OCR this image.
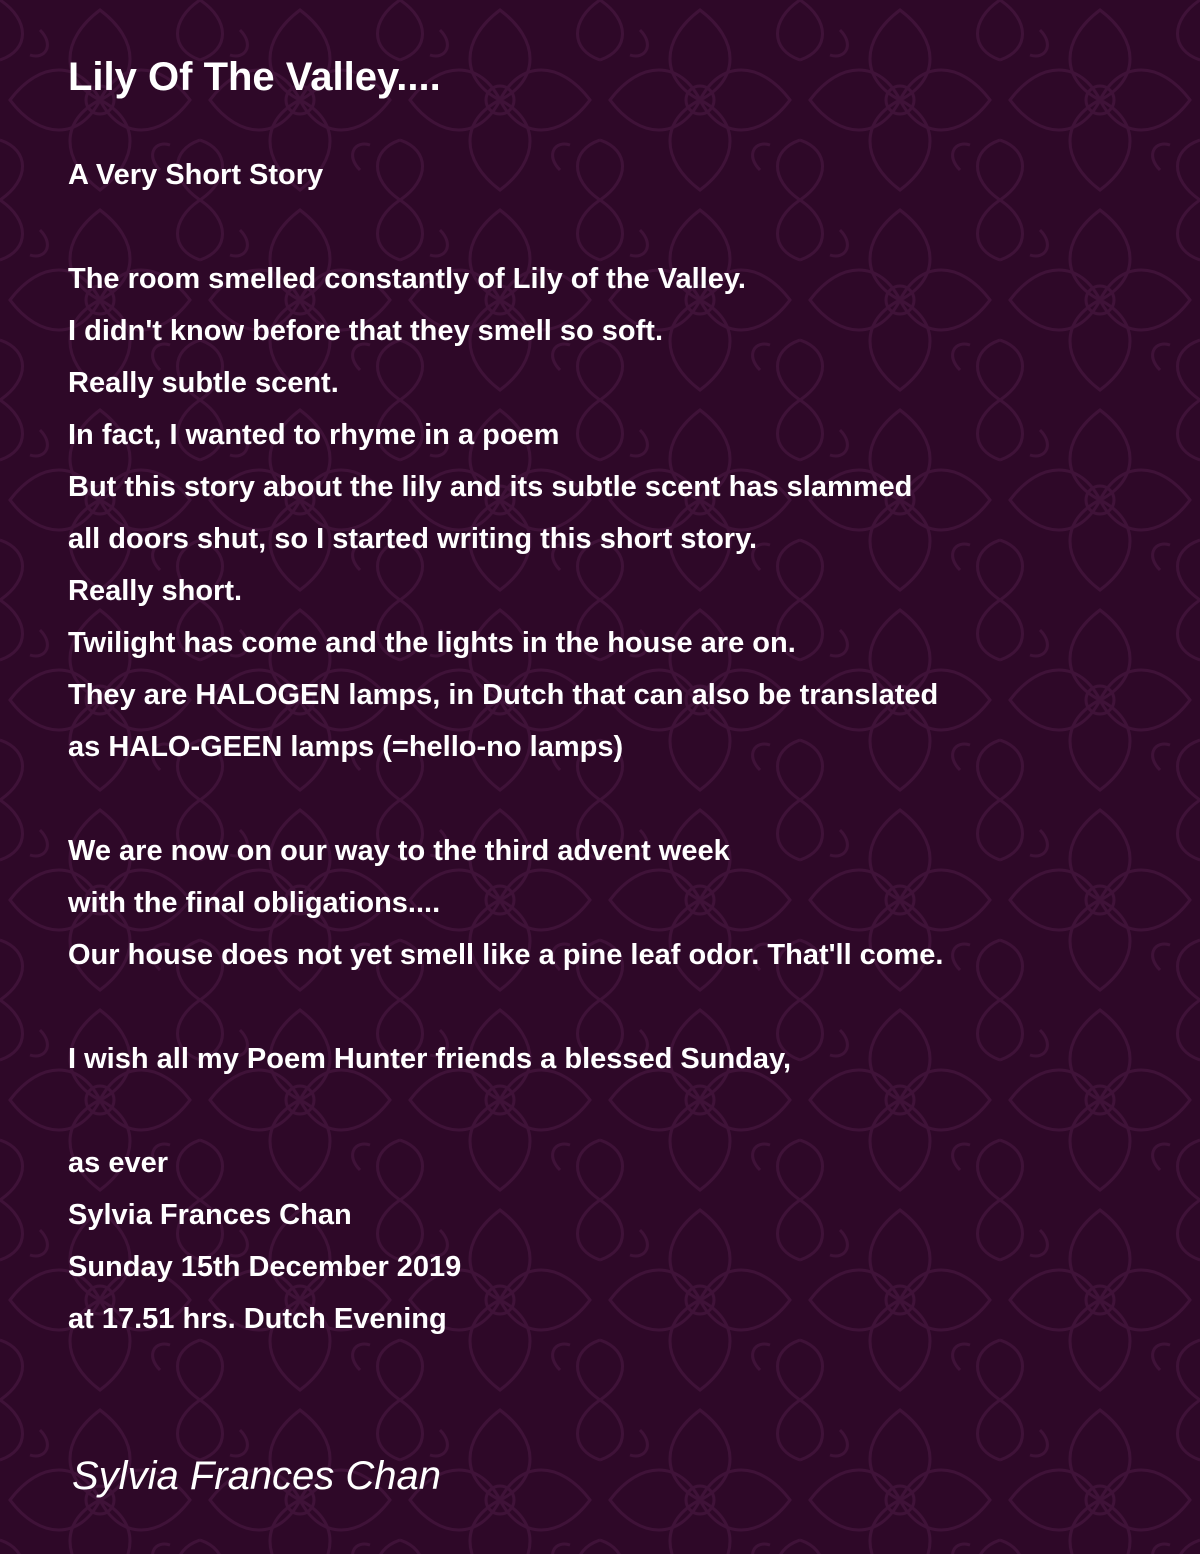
Lily Of The Valley....
A Very Short Story
The room smelled constantly of Lily of the Valley.
I didn't know before that they smell so soft.
Really subtle scent.
In fact, I wanted to rhyme in a poem
But this story about the lily and its subtle scent has slammed
all doors shut, so I started writing this short story.
Really short.
Twilight has come and the lights in the house are on.
They are HALOGEN lamps, in Dutch that can also be translated
as HALO-GEEN lamps (=hello-no lamps)
We are now on our way to the third advent week
with the final obligations....
Our house does not yet smell like a pine leaf odor. That'll come.
I wish all my Poem Hunter friends a blessed Sunday,
as ever
Sylvia Frances Chan
Sunday 15th December 2019
at 17.51 hrs. Dutch Evening
Sylvia Frances Chan
